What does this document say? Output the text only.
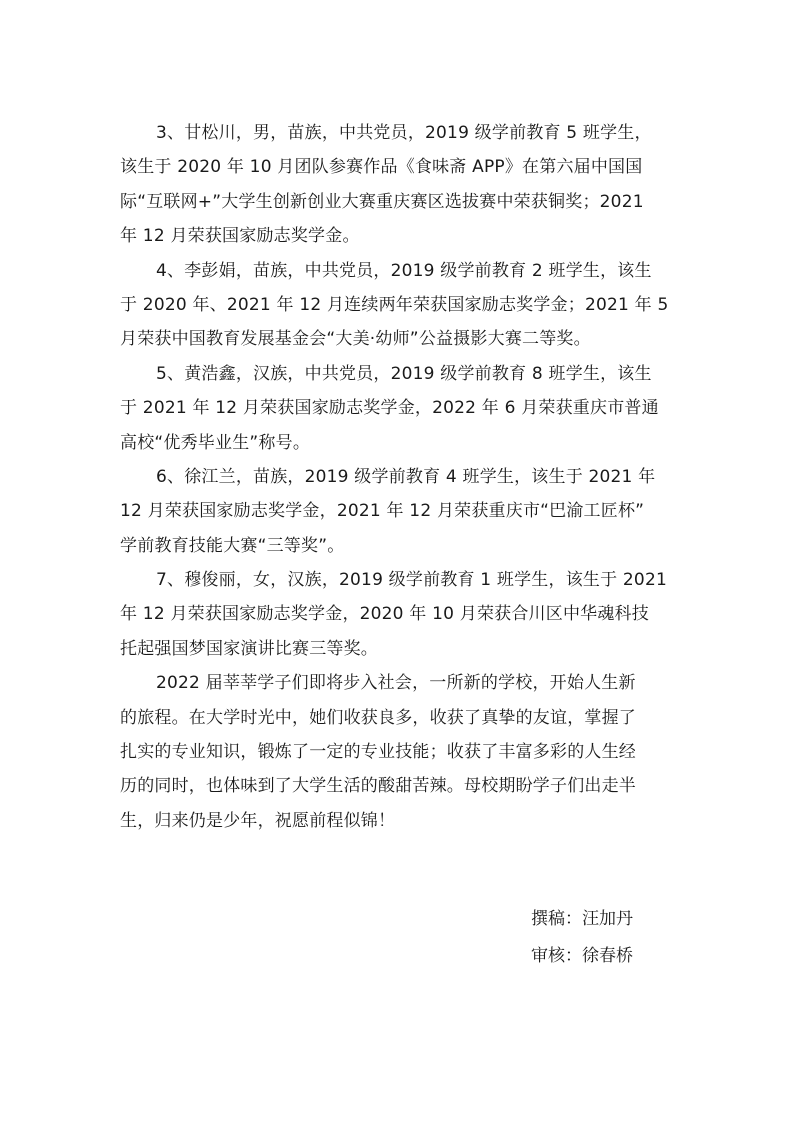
3、甘松川，男，苗族，中共党员，2019 级学前教育 5 班学生，
该生于 2020 年 10 月团队参赛作品《食味斋 APP》在第六届中国国
际“互联网+”大学生创新创业大赛重庆赛区选拔赛中荣获铜奖；2021
年 12 月荣获国家励志奖学金。
4、李彭娟，苗族，中共党员，2019 级学前教育 2 班学生，该生
于 2020 年、2021 年 12 月连续两年荣获国家励志奖学金；2021 年 5
月荣获中国教育发展基金会“大美·幼师”公益摄影大赛二等奖。
5、黄浩鑫，汉族，中共党员，2019 级学前教育 8 班学生，该生
于 2021 年 12 月荣获国家励志奖学金，2022 年 6 月荣获重庆市普通
高校“优秀毕业生”称号。
6、徐江兰，苗族，2019 级学前教育 4 班学生，该生于 2021 年
12 月荣获国家励志奖学金，2021 年 12 月荣获重庆市“巴渝工匠杯”
学前教育技能大赛“三等奖”。
7、穆俊丽，女，汉族，2019 级学前教育 1 班学生，该生于 2021
年 12 月荣获国家励志奖学金，2020 年 10 月荣获合川区中华魂科技
托起强国梦国家演讲比赛三等奖。
2022 届莘莘学子们即将步入社会，一所新的学校，开始人生新
的旅程。在大学时光中，她们收获良多，收获了真挚的友谊，掌握了
扎实的专业知识，锻炼了一定的专业技能；收获了丰富多彩的人生经
历的同时，也体味到了大学生活的酸甜苦辣。母校期盼学子们出走半
生，归来仍是少年，祝愿前程似锦！
撰稿：汪加丹
审核：徐春桥
